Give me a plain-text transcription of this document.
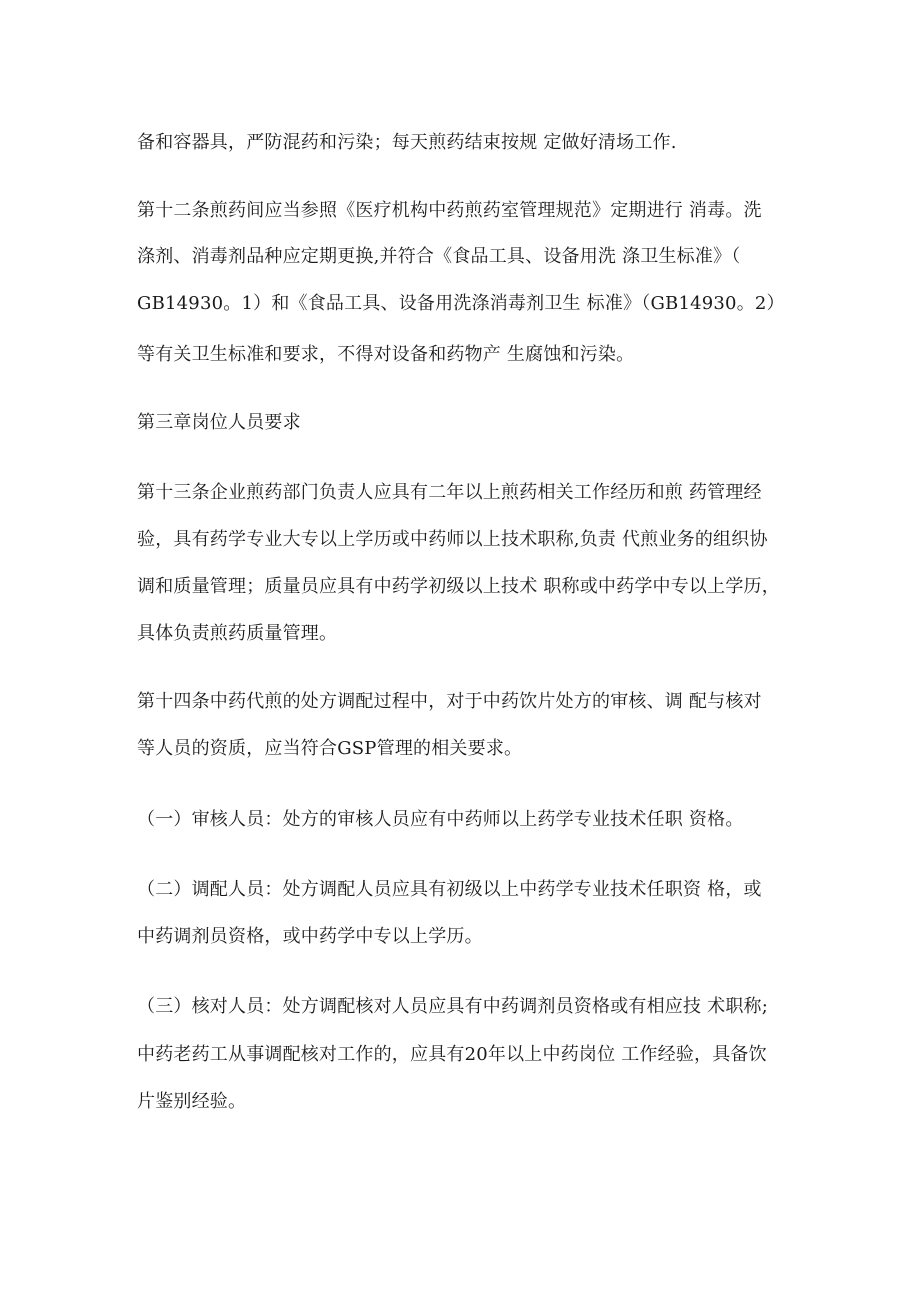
备和容器具，严防混药和污染；每天煎药结束按规 定做好清场工作.
第十二条煎药间应当参照《医疗机构中药煎药室管理规范》定期进行 消毒。洗
涤剂、消毒剂品种应定期更换,并符合《食品工具、设备用洗 涤卫生标准》（
GB14930。1）和《食品工具、设备用洗涤消毒剂卫生 标准》（GB14930。2）
等有关卫生标准和要求，不得对设备和药物产 生腐蚀和污染。
第三章岗位人员要求
第十三条企业煎药部门负责人应具有二年以上煎药相关工作经历和煎 药管理经
验，具有药学专业大专以上学历或中药师以上技术职称,负责 代煎业务的组织协
调和质量管理；质量员应具有中药学初级以上技术 职称或中药学中专以上学历，
具体负责煎药质量管理。
第十四条中药代煎的处方调配过程中，对于中药饮片处方的审核、调 配与核对
等人员的资质，应当符合GSP管理的相关要求。
（一）审核人员：处方的审核人员应有中药师以上药学专业技术任职 资格。
（二）调配人员：处方调配人员应具有初级以上中药学专业技术任职资 格，或
中药调剂员资格，或中药学中专以上学历。
（三）核对人员：处方调配核对人员应具有中药调剂员资格或有相应技 术职称;
中药老药工从事调配核对工作的，应具有20年以上中药岗位 工作经验，具备饮
片鉴别经验。
